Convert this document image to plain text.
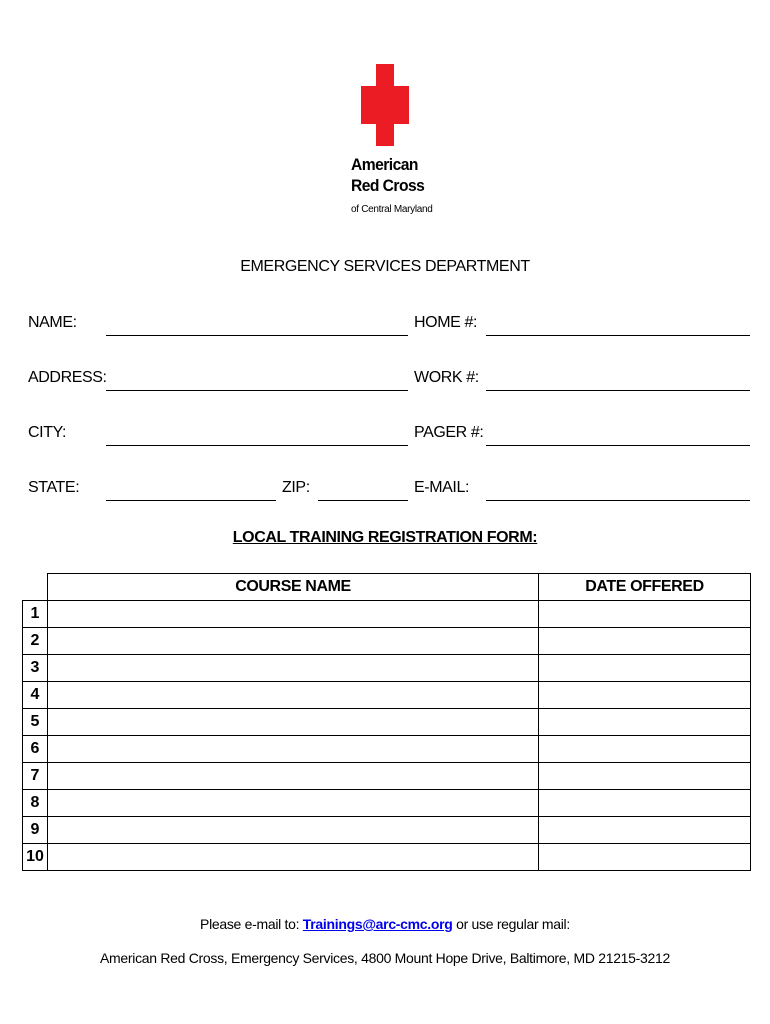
American
Red Cross
of Central Maryland
EMERGENCY SERVICES DEPARTMENT
NAME:	HOME #:
ADDRESS:	WORK #:
CITY:	PAGER #:
STATE:	ZIP:	E-MAIL:
LOCAL TRAINING REGISTRATION FORM:
	COURSE NAME	DATE OFFERED
1		
2		
3		
4		
5		
6		
7		
8		
9		
10		
Please e-mail to: Trainings@arc-cmc.org or use regular mail:
American Red Cross, Emergency Services, 4800 Mount Hope Drive, Baltimore, MD 21215-3212
